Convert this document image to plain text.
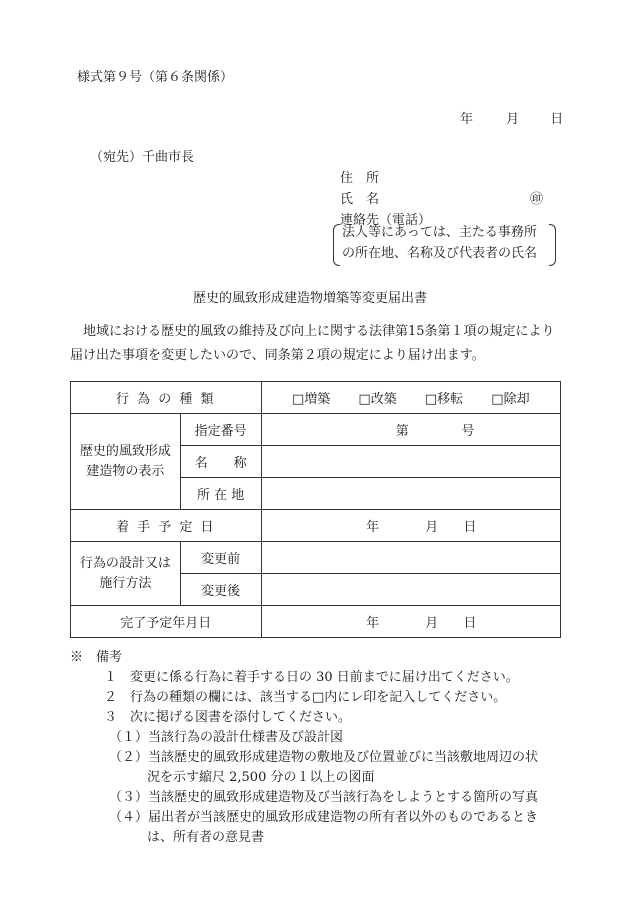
様式第９号（第６条関係）
年	月 日
（宛先）千曲市長
住　所
氏　名	㊞
連絡先（電話）
法人等にあっては、主たる事務所
の所在地、名称及び代表者の氏名
歴史的風致形成建造物増築等変更届出書
地域における歴史的風致の維持及び向上に関する法律第15条第１項の規定により届け出た事項を変更したいので、同条第２項の規定により届け出ます。
行 為 の 種 類		□増築 □改築 □移転 □除却

歴史的風致形成
建造物の表示	指定番号	第 号
	名　　称	
	所 在 地	
着 手 予 定 日		年 月 日

行為の設計又は
施行方法	変更前	
	変更後	
完了予定年月日		年 月 日
※　備考
１　変更に係る行為に着手する日の 30 日前までに届け出てください。
２　行為の種類の欄には、該当する□内にレ印を記入してください。
３　次に掲げる図書を添付してください。
（１）当該行為の設計仕様書及び設計図
（２）当該歴史的風致形成建造物の敷地及び位置並びに当該敷地周辺の状
況を示す縮尺 2,500 分の１以上の図面
（３）当該歴史的風致形成建造物及び当該行為をしようとする箇所の写真
（４）届出者が当該歴史的風致形成建造物の所有者以外のものであるとき
は、所有者の意見書
